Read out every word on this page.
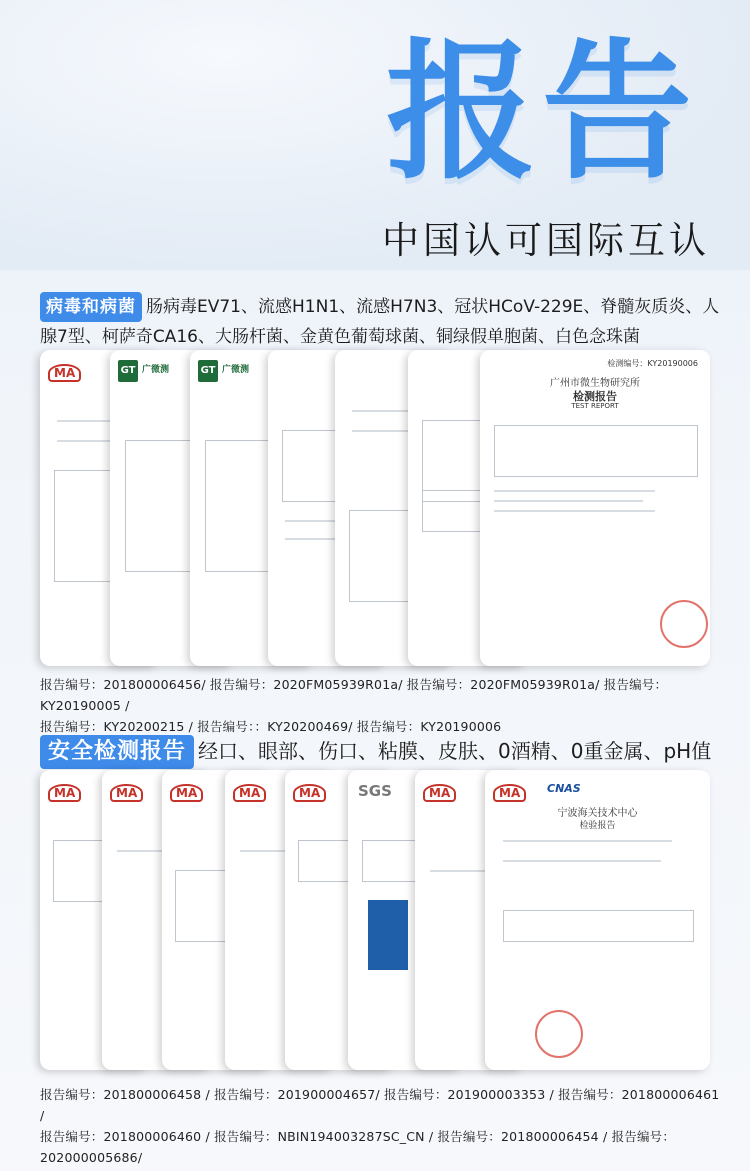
报告
中国认可国际互认
病毒和病菌 肠病毒EV71、流感H1N1、流感H7N3、冠状HCoV-229E、脊髓灰质炎、人腺7型、柯萨奇CA16、大肠杆菌、金黄色葡萄球菌、铜绿假单胞菌、白色念珠菌
MA	GT 广微测	GT 广微测
检测编号：KY20190006
广州市微生物研究所
检测报告
TEST REPORT
报告编号：201800006456/ 报告编号：2020FM05939R01a/ 报告编号：2020FM05939R01a/ 报告编号：KY20190005 /
报告编号：KY20200215 / 报告编号：：KY20200469/ 报告编号：KY20190006
安全检测报告 经口、眼部、伤口、粘膜、皮肤、0酒精、0重金属、pH值
MA	MA	MA	MA	MA	SGS	MA	MA	CNAS
宁波海关技术中心
检验报告
报告编号：201800006458 / 报告编号：201900004657/ 报告编号：201900003353 / 报告编号：201800006461 /
报告编号：201800006460 / 报告编号：NBIN194003287SC_CN / 报告编号：201800006454 / 报告编号：202000005686/
